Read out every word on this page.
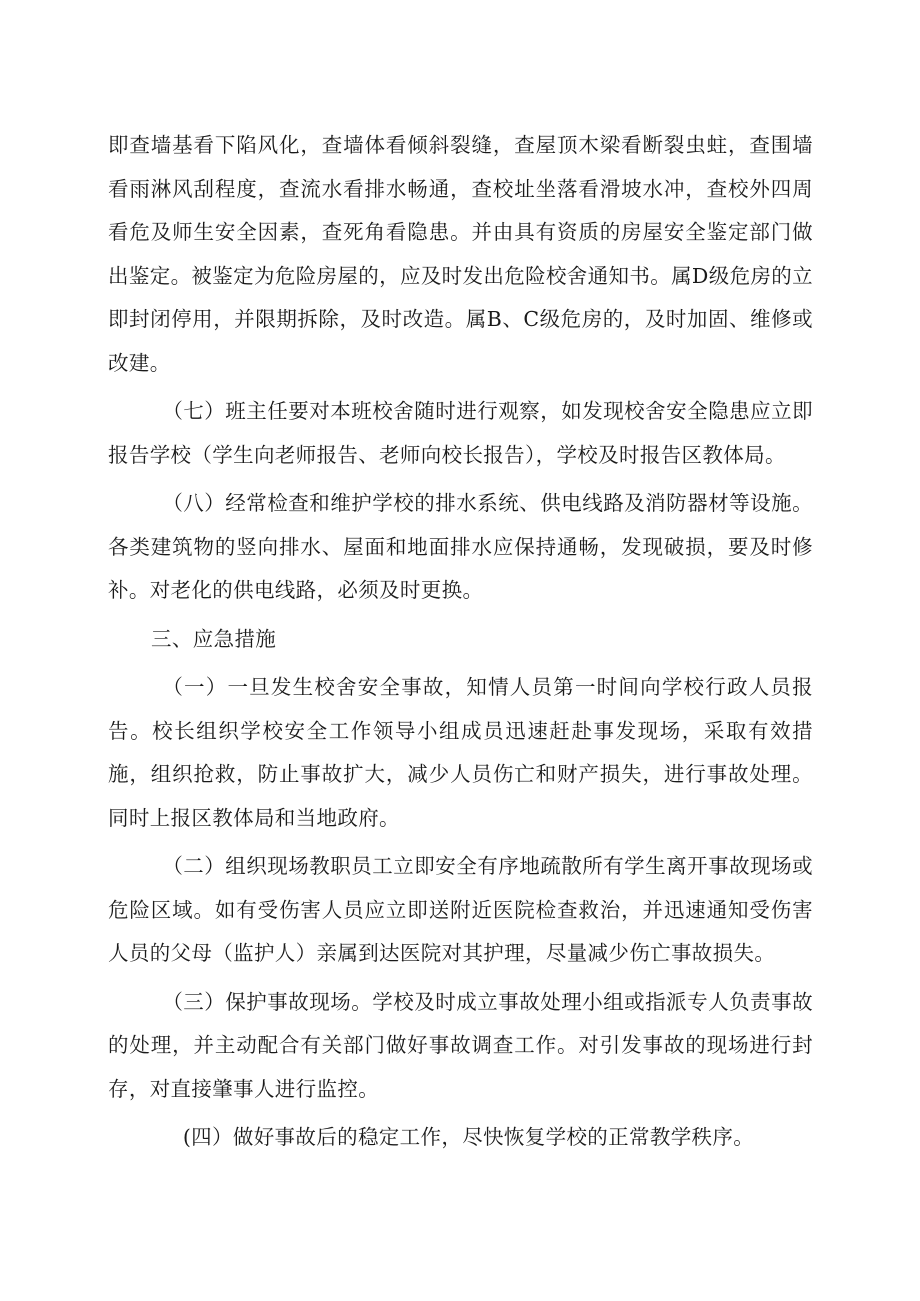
即查墙基看下陷风化，查墙体看倾斜裂缝，查屋顶木梁看断裂虫蛀，查围墙看雨淋风刮程度，查流水看排水畅通，查校址坐落看滑坡水冲，查校外四周看危及师生安全因素，查死角看隐患。并由具有资质的房屋安全鉴定部门做出鉴定。被鉴定为危险房屋的，应及时发出危险校舍通知书。属D级危房的立即封闭停用，并限期拆除，及时改造。属B、C级危房的，及时加固、维修或改建。

（七）班主任要对本班校舍随时进行观察，如发现校舍安全隐患应立即报告学校（学生向老师报告、老师向校长报告），学校及时报告区教体局。

（八）经常检查和维护学校的排水系统、供电线路及消防器材等设施。各类建筑物的竖向排水、屋面和地面排水应保持通畅，发现破损，要及时修补。对老化的供电线路，必须及时更换。

三、应急措施

（一）一旦发生校舍安全事故，知情人员第一时间向学校行政人员报告。校长组织学校安全工作领导小组成员迅速赶赴事发现场，采取有效措施，组织抢救，防止事故扩大，减少人员伤亡和财产损失，进行事故处理。同时上报区教体局和当地政府。

（二）组织现场教职员工立即安全有序地疏散所有学生离开事故现场或危险区域。如有受伤害人员应立即送附近医院检查救治，并迅速通知受伤害人员的父母（监护人）亲属到达医院对其护理，尽量减少伤亡事故损失。

（三）保护事故现场。学校及时成立事故处理小组或指派专人负责事故的处理，并主动配合有关部门做好事故调查工作。对引发事故的现场进行封存，对直接肇事人进行监控。

(四）做好事故后的稳定工作，尽快恢复学校的正常教学秩序。
